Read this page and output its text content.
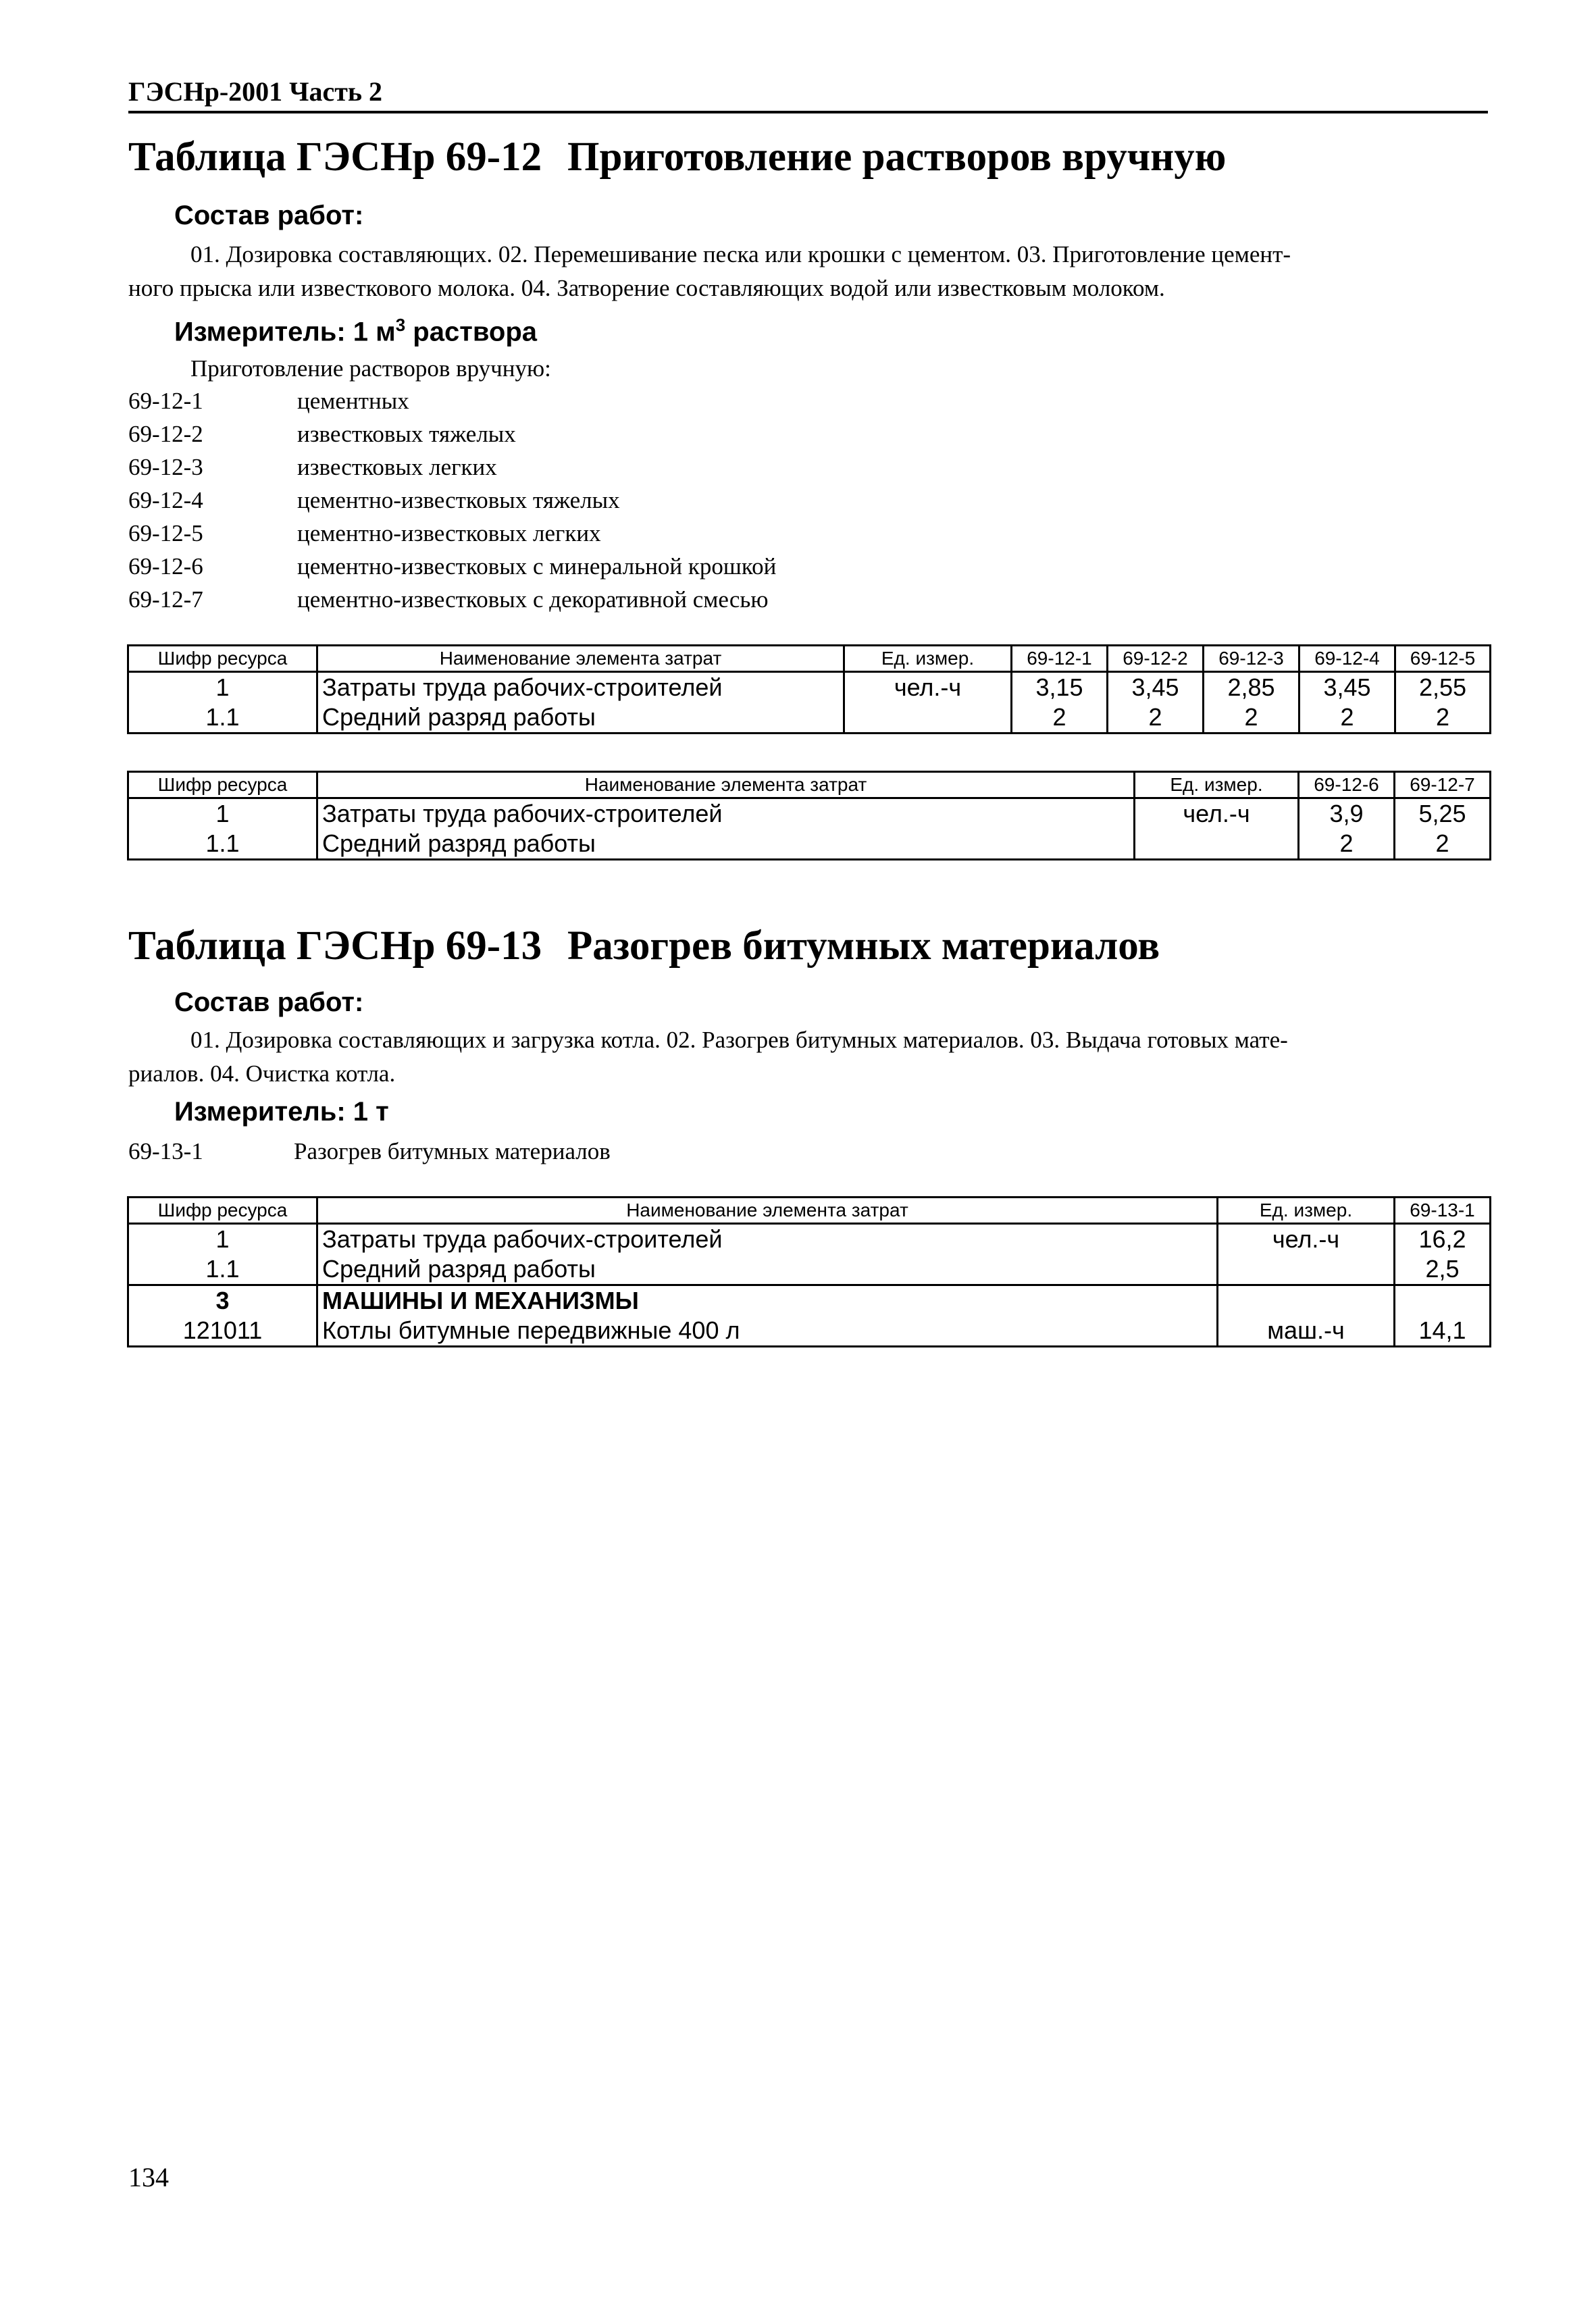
ГЭСНр-2001 Часть 2
Таблица ГЭСНр 69-12 Приготовление растворов вручную
Состав работ:
01. Дозировка составляющих. 02. Перемешивание песка или крошки с цементом. 03. Приготовление цемент-
ного прыска или известкового молока. 04. Затворение составляющих водой или известковым молоком.
Измеритель: 1 $м^3$ раствора
Приготовление растворов вручную:
69-12-1	цементных
69-12-2	известковых тяжелых
69-12-3	известковых легких
69-12-4	цементно-известковых тяжелых
69-12-5	цементно-известковых легких
69-12-6	цементно-известковых с минеральной крошкой
69-12-7	цементно-известковых с декоративной смесью
Шифр ресурса	Наименование элемента затрат	Ед. измер.	69-12-1	69-12-2	69-12-3	69-12-4	69-12-5
1	Затраты труда рабочих-строителей	чел.-ч	3,15	3,45	2,85	3,45	2,55
1.1	Средний разряд работы		2	2	2	2	2
Шифр ресурса	Наименование элемента затрат	Ед. измер.	69-12-6	69-12-7
1	Затраты труда рабочих-строителей	чел.-ч	3,9	5,25
1.1	Средний разряд работы		2	2
Таблица ГЭСНр 69-13 Разогрев битумных материалов
Состав работ:
01. Дозировка составляющих и загрузка котла. 02. Разогрев битумных материалов. 03. Выдача готовых мате-
риалов. 04. Очистка котла.
Измеритель: 1 т
69-13-1	Разогрев битумных материалов
Шифр ресурса	Наименование элемента затрат	Ед. измер.	69-13-1
1	Затраты труда рабочих-строителей	чел.-ч	16,2
1.1	Средний разряд работы		2,5
3	МАШИНЫ И МЕХАНИЗМЫ		
121011	Котлы битумные передвижные 400 л	маш.-ч	14,1
134
